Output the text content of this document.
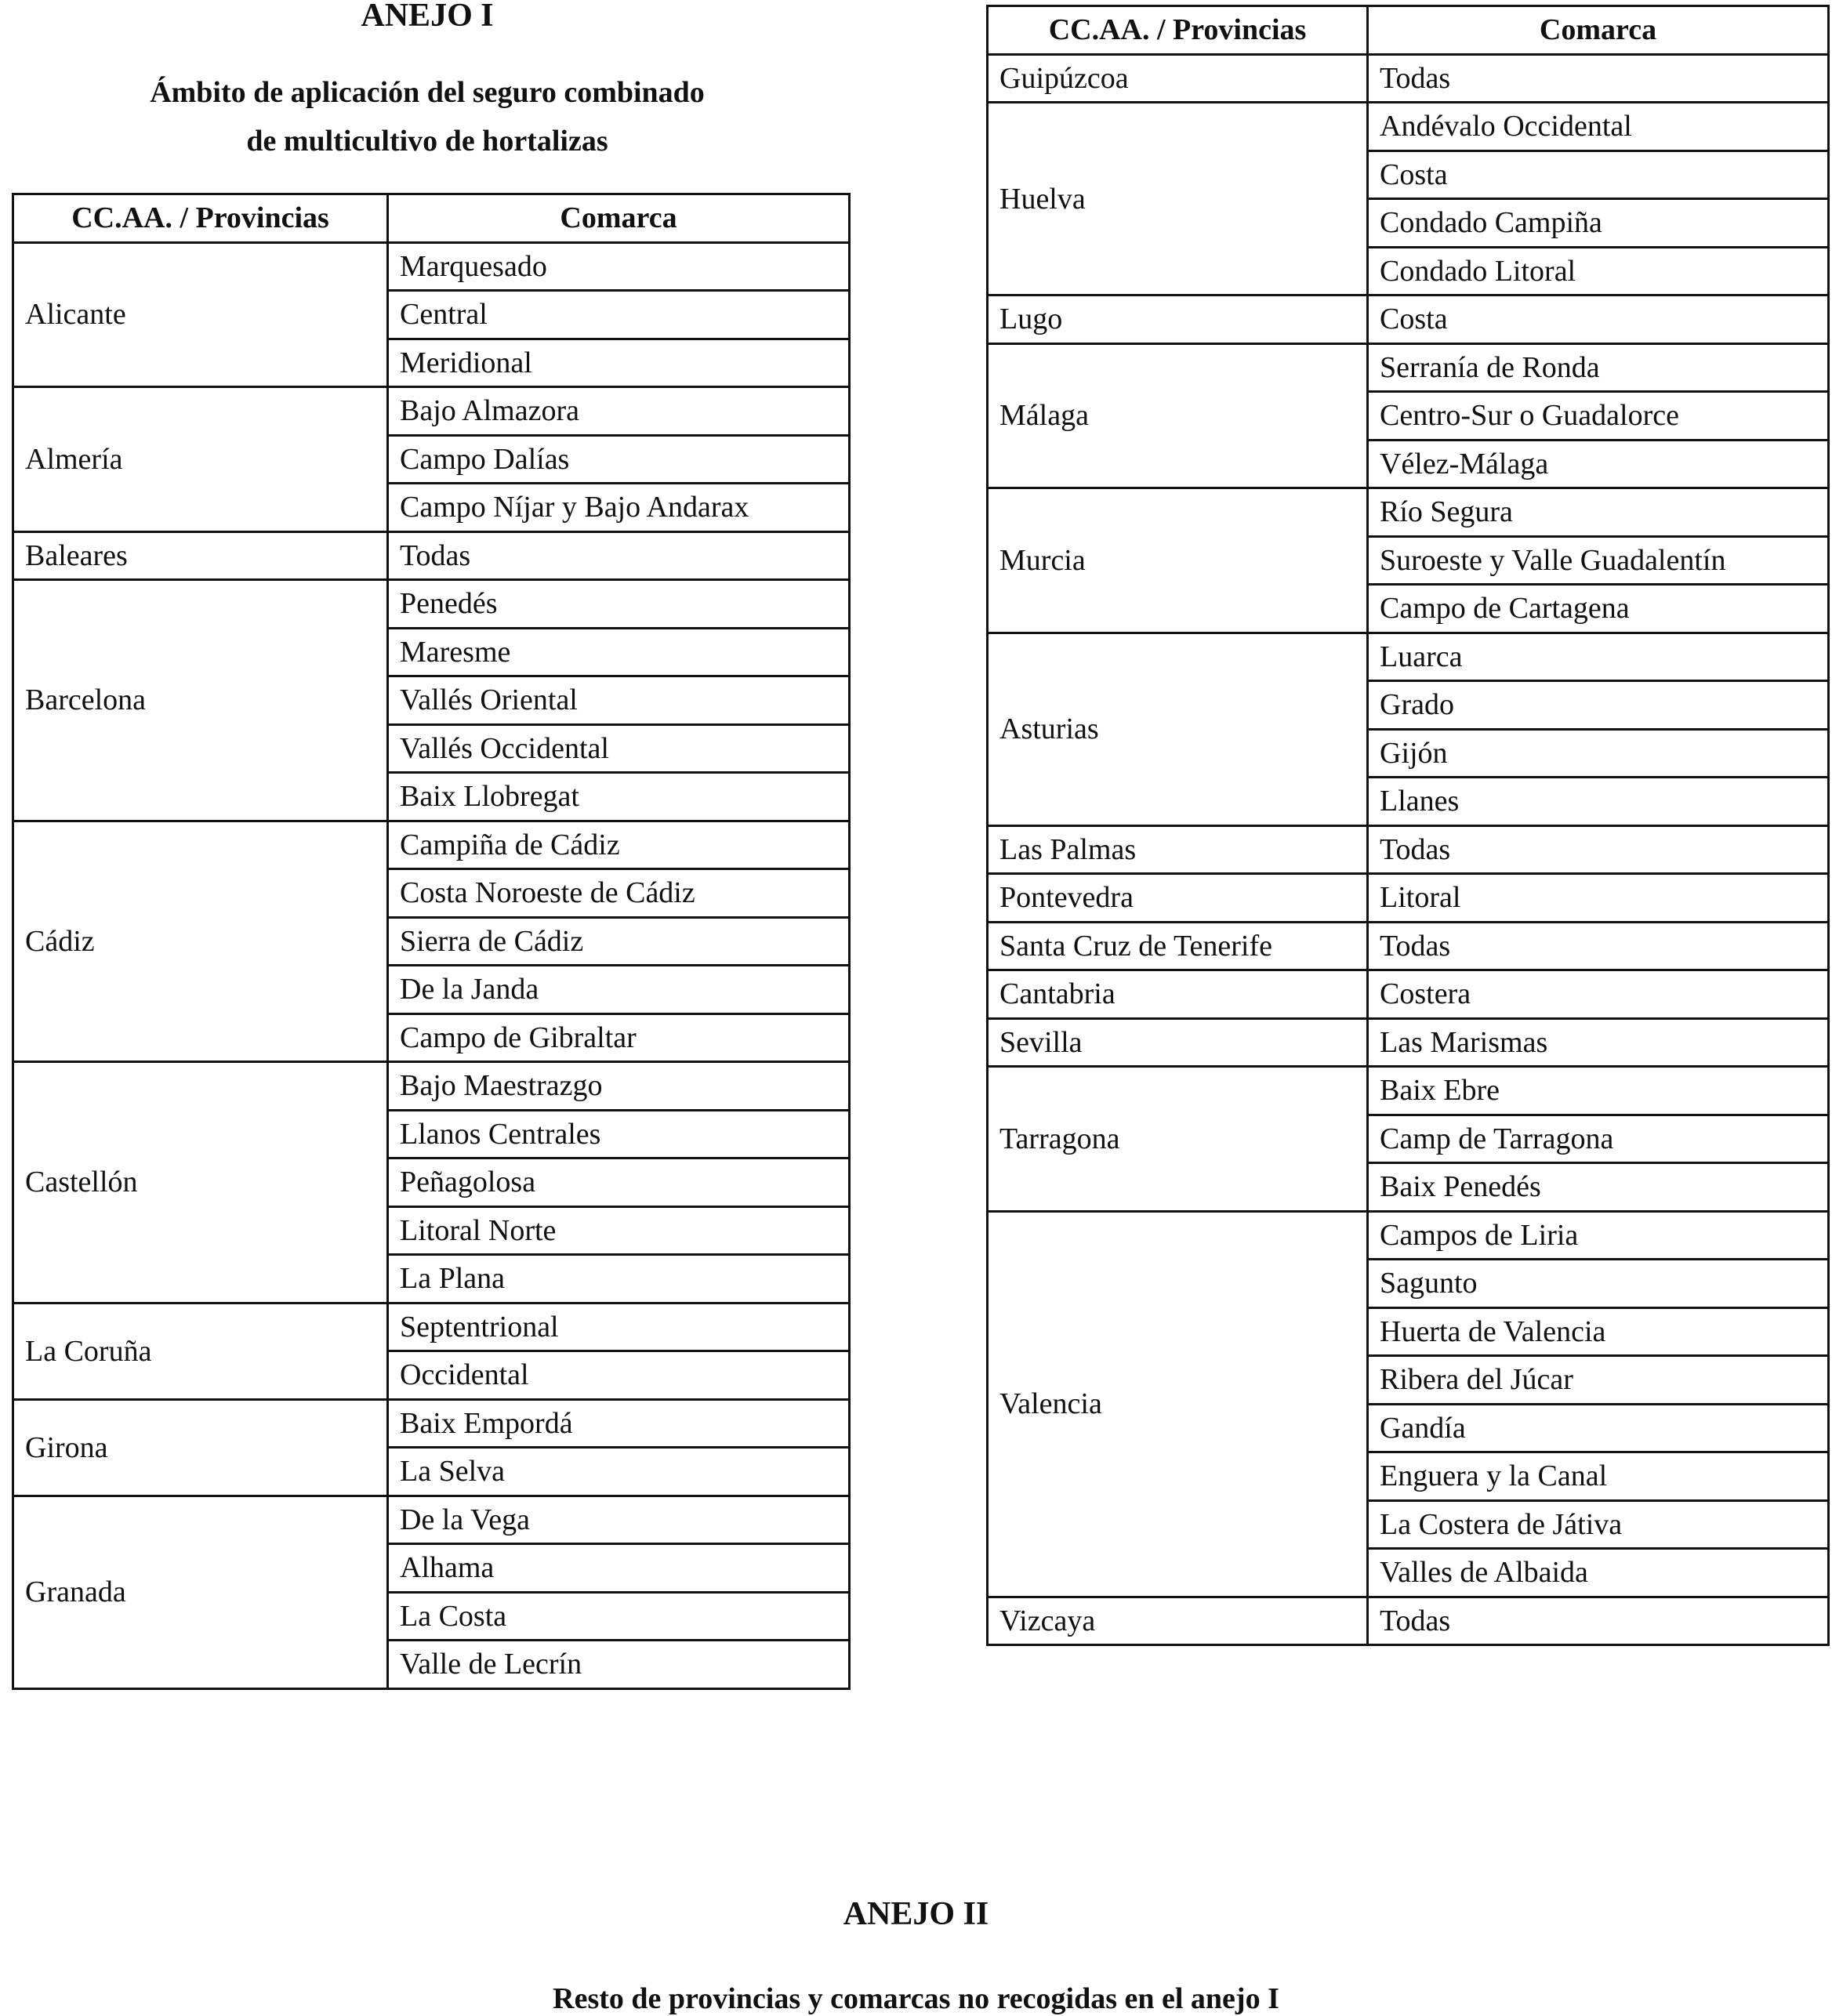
ANEJO I
Ámbito de aplicación del seguro combinado
de multicultivo de hortalizas
CC.AA. / Provincias	Comarca
Alicante	Marquesado
	Central
	Meridional
Almería	Bajo Almazora
	Campo Dalías
	Campo Níjar y Bajo Andarax
Baleares	Todas
Barcelona	Penedés
	Maresme
	Vallés Oriental
	Vallés Occidental
	Baix Llobregat
Cádiz	Campiña de Cádiz
	Costa Noroeste de Cádiz
	Sierra de Cádiz
	De la Janda
	Campo de Gibraltar
Castellón	Bajo Maestrazgo
	Llanos Centrales
	Peñagolosa
	Litoral Norte
	La Plana
La Coruña	Septentrional
	Occidental
Girona	Baix Empordá
	La Selva
Granada	De la Vega
	Alhama
	La Costa
	Valle de Lecrín
CC.AA. / Provincias	Comarca
Guipúzcoa	Todas
Huelva	Andévalo Occidental
	Costa
	Condado Campiña
	Condado Litoral
Lugo	Costa
Málaga	Serranía de Ronda
	Centro-Sur o Guadalorce
	Vélez-Málaga
Murcia	Río Segura
	Suroeste y Valle Guadalentín
	Campo de Cartagena
Asturias	Luarca
	Grado
	Gijón
	Llanes
Las Palmas	Todas
Pontevedra	Litoral
Santa Cruz de Tenerife	Todas
Cantabria	Costera
Sevilla	Las Marismas
Tarragona	Baix Ebre
	Camp de Tarragona
	Baix Penedés
Valencia	Campos de Liria
	Sagunto
	Huerta de Valencia
	Ribera del Júcar
	Gandía
	Enguera y la Canal
	La Costera de Játiva
	Valles de Albaida
Vizcaya	Todas
ANEJO II
Resto de provincias y comarcas no recogidas en el anejo I
